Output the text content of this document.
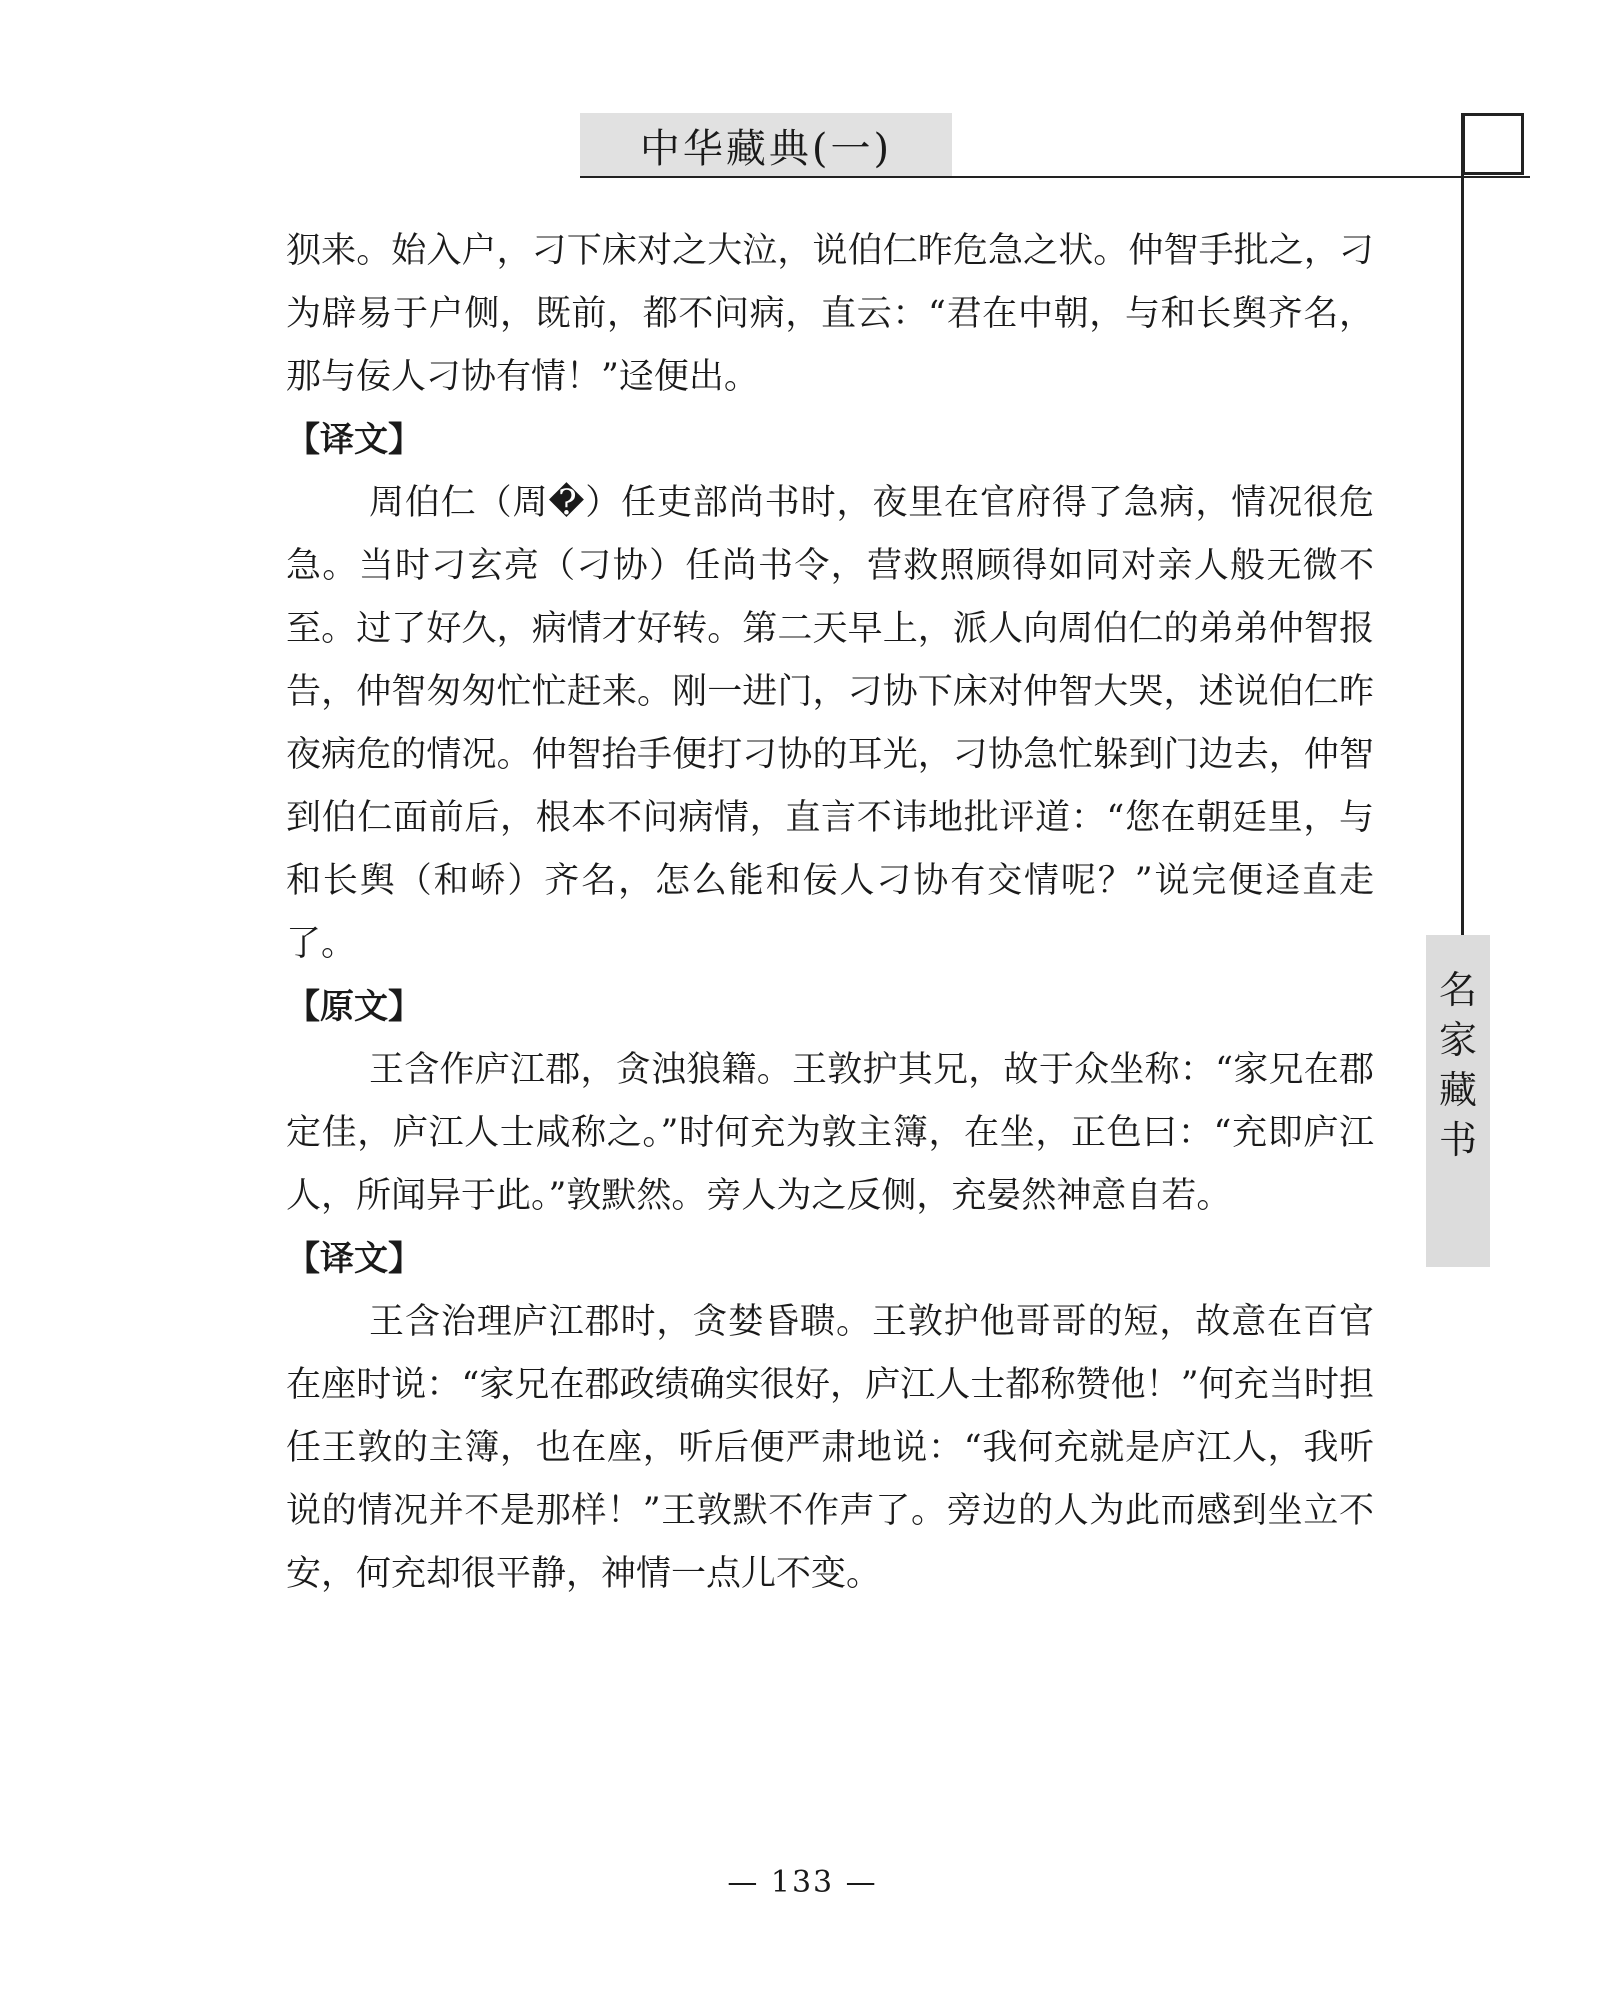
中华藏典(一)
名家藏书

狈来。始入户，刁下床对之大泣，说伯仁昨危急之状。仲智手批之，刁为辟易于户侧，既前，都不问病，直云：“君在中朝，与和长舆齐名，那与佞人刁协有情！”迳便出。

【译文】

周伯仁（周�）任吏部尚书时，夜里在官府得了急病，情况很危急。当时刁玄亮（刁协）任尚书令，营救照顾得如同对亲人般无微不至。过了好久，病情才好转。第二天早上，派人向周伯仁的弟弟仲智报告，仲智匆匆忙忙赶来。刚一进门，刁协下床对仲智大哭，述说伯仁昨夜病危的情况。仲智抬手便打刁协的耳光，刁协急忙躲到门边去，仲智到伯仁面前后，根本不问病情，直言不讳地批评道：“您在朝廷里，与和长舆（和峤）齐名，怎么能和佞人刁协有交情呢？”说完便迳直走了。

【原文】

王含作庐江郡，贪浊狼籍。王敦护其兄，故于众坐称：“家兄在郡定佳，庐江人士咸称之。”时何充为敦主簿，在坐，正色曰：“充即庐江人，所闻异于此。”敦默然。旁人为之反侧，充晏然神意自若。

【译文】

王含治理庐江郡时，贪婪昏聩。王敦护他哥哥的短，故意在百官在座时说：“家兄在郡政绩确实很好，庐江人士都称赞他！”何充当时担任王敦的主簿，也在座，听后便严肃地说：“我何充就是庐江人，我听说的情况并不是那样！”王敦默不作声了。旁边的人为此而感到坐立不安，何充却很平静，神情一点儿不变。

— 133 —
